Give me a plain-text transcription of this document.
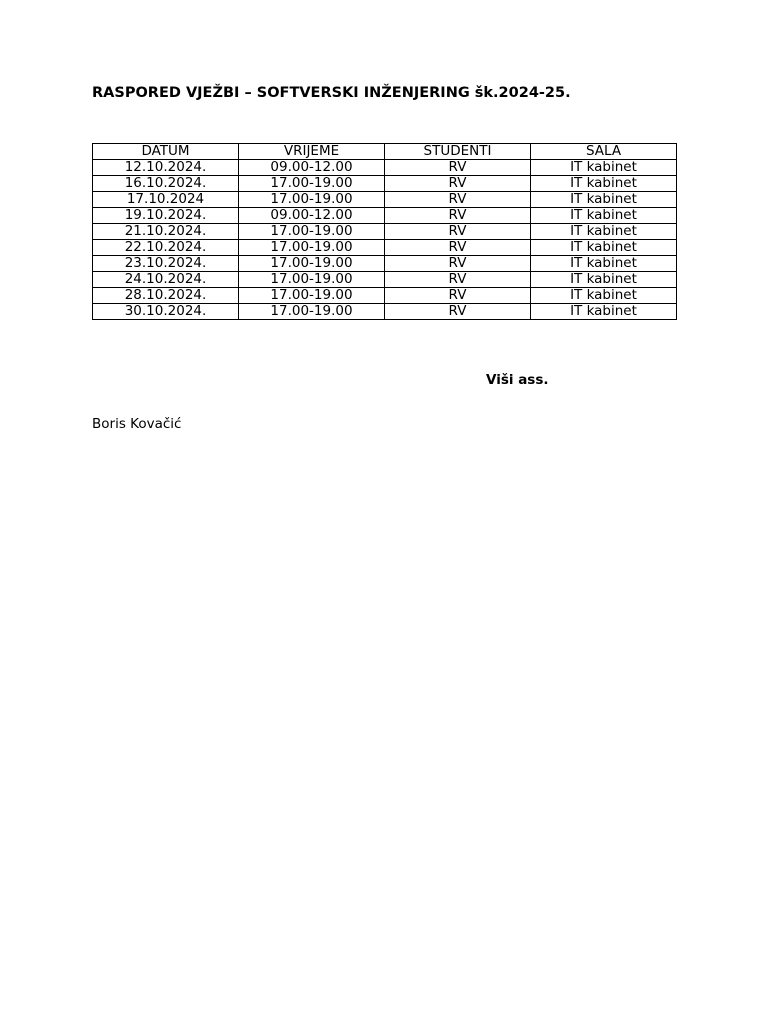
RASPORED VJEŽBI – SOFTVERSKI INŽENJERING šk.2024-25.
DATUM	VRIJEME	STUDENTI	SALA
12.10.2024.	09.00-12.00	RV	IT kabinet
16.10.2024.	17.00-19.00	RV	IT kabinet
17.10.2024	17.00-19.00	RV	IT kabinet
19.10.2024.	09.00-12.00	RV	IT kabinet
21.10.2024.	17.00-19.00	RV	IT kabinet
22.10.2024.	17.00-19.00	RV	IT kabinet
23.10.2024.	17.00-19.00	RV	IT kabinet
24.10.2024.	17.00-19.00	RV	IT kabinet
28.10.2024.	17.00-19.00	RV	IT kabinet
30.10.2024.	17.00-19.00	RV	IT kabinet
Viši ass.
Boris Kovačić
